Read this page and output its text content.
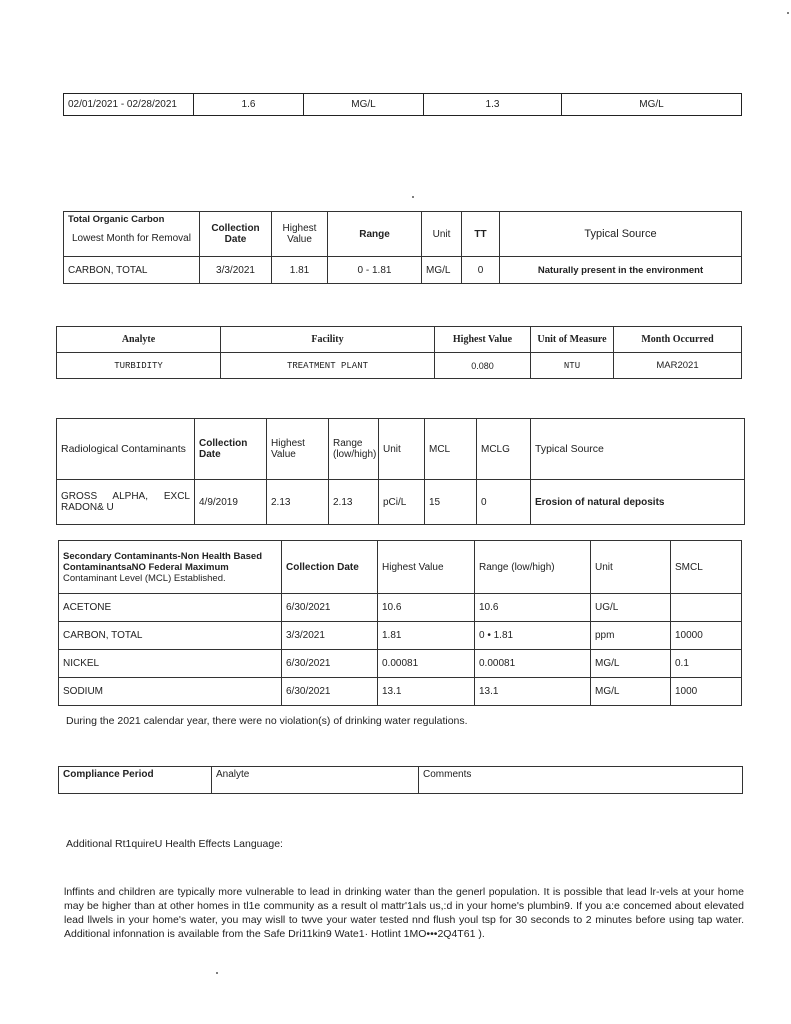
02/01/2021 - 02/28/2021	1.6	MG/L	1.3	MG/L
Total Organic Carbon
Lowest Month for Removal	Collection Date	Highest Value	Range	Unit	TT	Typical Source
CARBON, TOTAL	3/3/2021	1.81	0 - 1.81	MG/L	0	Naturally present in the environment
Analyte	Facility	Highest Value	Unit of Measure	Month Occurred
TURBIDITY	TREATMENT PLANT	0.080	NTU	MAR2021
Radiological Contaminants	Collection Date	Highest Value	Range (low/high)	Unit	MCL	MCLG	Typical Source
GROSS ALPHA, EXCL RADON& U	4/9/2019	2.13	2.13	pCi/L	15	0	Erosion of natural deposits
Secondary Contaminants-Non Health Based ContaminantsaNO Federal Maximum Contaminant Level (MCL) Established.	Collection Date	Highest Value	Range (low/high)	Unit	SMCL
ACETONE	6/30/2021	10.6	10.6	UG/L	
CARBON, TOTAL	3/3/2021	1.81	0 • 1.81	ppm	10000
NICKEL	6/30/2021	0.00081	0.00081	MG/L	0.1
SODIUM	6/30/2021	13.1	13.1	MG/L	1000
During the 2021 calendar year, there were no violation(s) of drinking water regulations.
Compliance Period	Analyte	Comments
Additional Rt1quireU Health Effects Language:
lnffints and children are typically more vulnerable to lead in drinking water than the generl population. It is possible that lead lr-vels at your home may be higher than at other homes in tl1e community as a result ol mattr'1als us,:d in your home's plumbin9. If you a:e concemed about elevated lead llwels in your home's water, you may wisll to twve your water tested nnd flush youl tsp for 30 seconds to 2 minutes before using tap water. Additional infonnation is available from the Safe Dri11kin9 Wate1· Hotlint 1MO•••2Q4T61 ).
